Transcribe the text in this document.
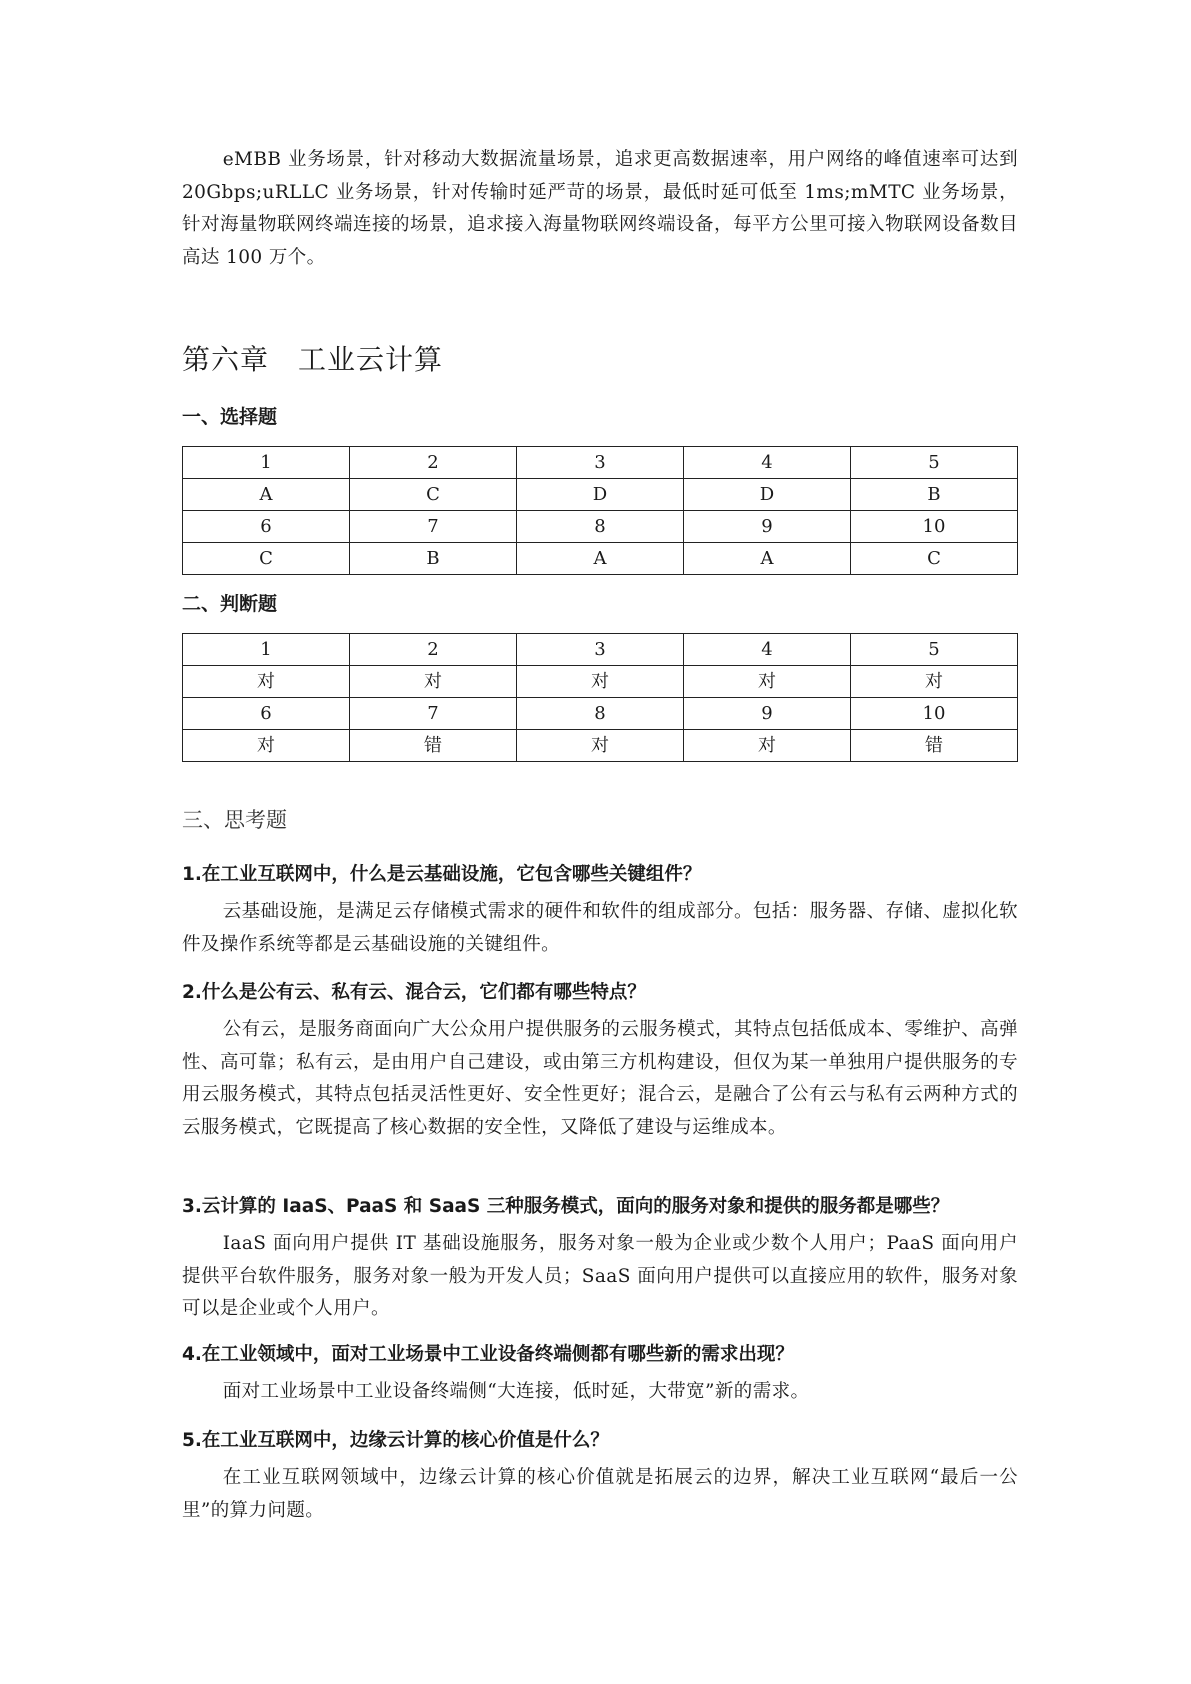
eMBB 业务场景，针对移动大数据流量场景，追求更高数据速率，用户网络的峰值速率可达到 20Gbps;uRLLC 业务场景，针对传输时延严苛的场景，最低时延可低至 1ms;mMTC 业务场景，针对海量物联网终端连接的场景，追求接入海量物联网终端设备，每平方公里可接入物联网设备数目高达 100 万个。

第六章　工业云计算
一、选择题
1	2	3	4	5
A	C	D	D	B
6	7	8	9	10
C	B	A	A	C
二、判断题
1	2	3	4	5
对	对	对	对	对
6	7	8	9	10
对	错	对	对	错
三、思考题

1.在工业互联网中，什么是云基础设施，它包含哪些关键组件？

云基础设施，是满足云存储模式需求的硬件和软件的组成部分。包括：服务器、存储、虚拟化软件及操作系统等都是云基础设施的关键组件。

2.什么是公有云、私有云、混合云，它们都有哪些特点？

公有云，是服务商面向广大公众用户提供服务的云服务模式，其特点包括低成本、零维护、高弹性、高可靠；私有云，是由用户自己建设，或由第三方机构建设，但仅为某一单独用户提供服务的专用云服务模式，其特点包括灵活性更好、安全性更好；混合云，是融合了公有云与私有云两种方式的云服务模式，它既提高了核心数据的安全性，又降低了建设与运维成本。

3.云计算的 IaaS、PaaS 和 SaaS 三种服务模式，面向的服务对象和提供的服务都是哪些？

IaaS 面向用户提供 IT 基础设施服务，服务对象一般为企业或少数个人用户；PaaS 面向用户提供平台软件服务，服务对象一般为开发人员；SaaS 面向用户提供可以直接应用的软件，服务对象可以是企业或个人用户。

4.在工业领域中，面对工业场景中工业设备终端侧都有哪些新的需求出现？

面对工业场景中工业设备终端侧“大连接，低时延，大带宽”新的需求。

5.在工业互联网中，边缘云计算的核心价值是什么？

在工业互联网领域中，边缘云计算的核心价值就是拓展云的边界，解决工业互联网“最后一公里”的算力问题。
